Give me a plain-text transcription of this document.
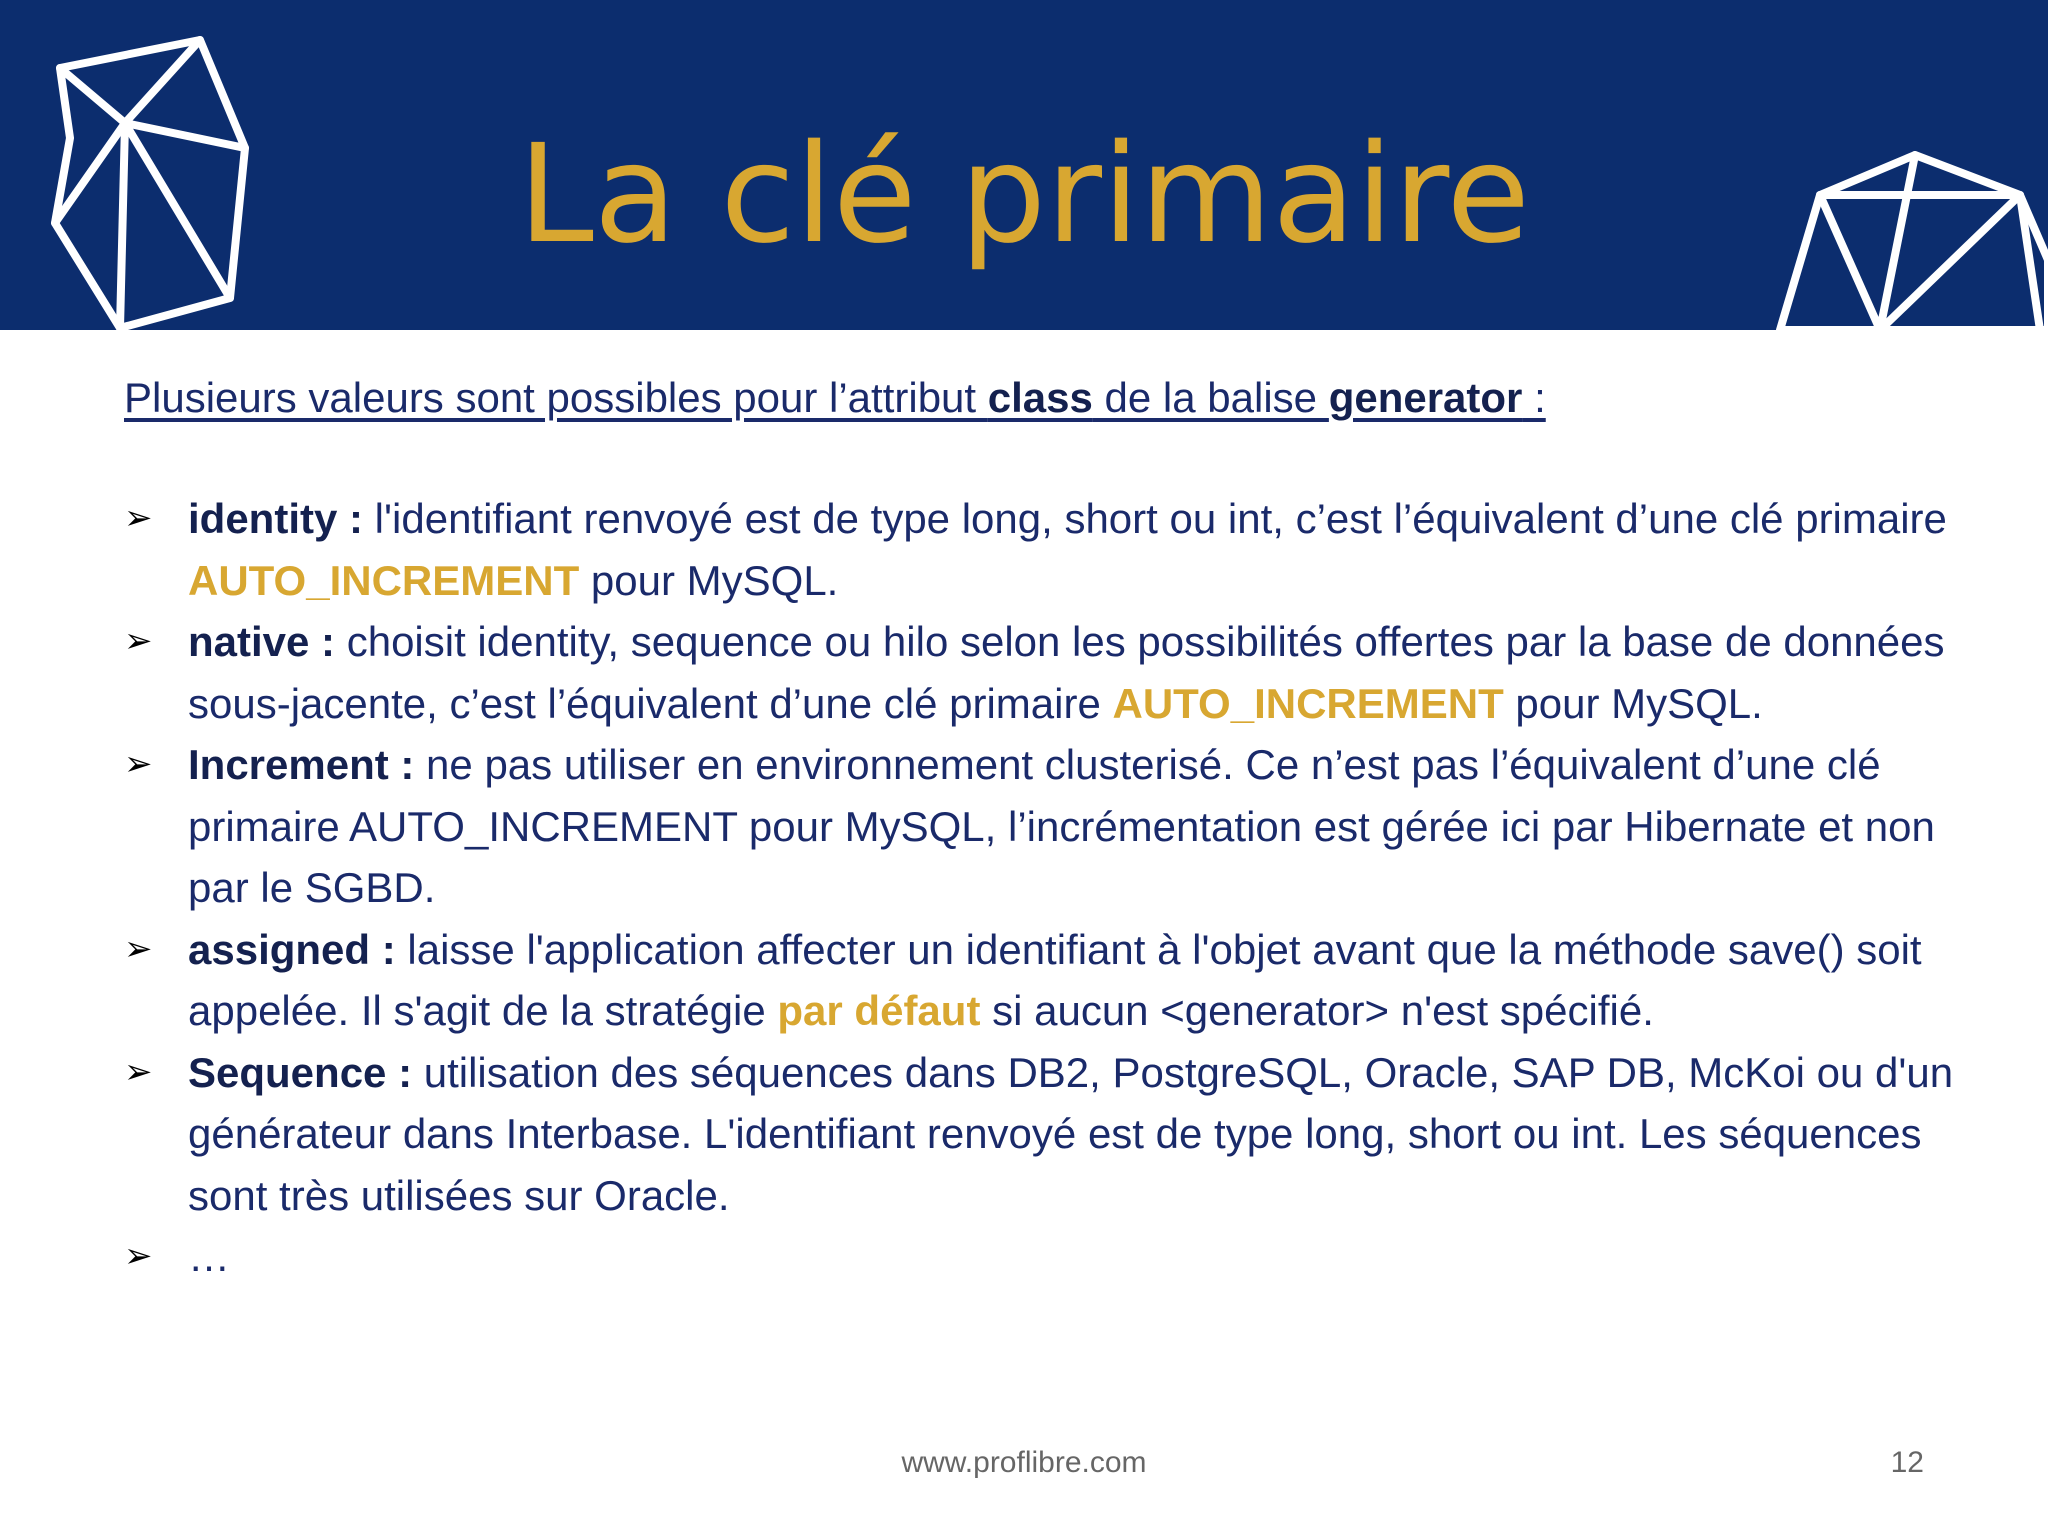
La clé primaire
Plusieurs valeurs sont possibles pour l’attribut class de la balise generator :
➢ identity : l'identifiant renvoyé est de type long, short ou int, c’est l’équivalent d’une clé primaire AUTO_INCREMENT pour MySQL.
➢ native : choisit identity, sequence ou hilo selon les possibilités offertes par la base de données sous-jacente, c’est l’équivalent d’une clé primaire AUTO_INCREMENT pour MySQL.
➢ Increment : ne pas utiliser en environnement clusterisé. Ce n’est pas l’équivalent d’une clé primaire AUTO_INCREMENT pour MySQL, l’incrémentation est gérée ici par Hibernate et non par le SGBD.
➢ assigned : laisse l'application affecter un identifiant à l'objet avant que la méthode save() soit appelée. Il s'agit de la stratégie par défaut si aucun <generator> n'est spécifié.
➢ Sequence : utilisation des séquences dans DB2, PostgreSQL, Oracle, SAP DB, McKoi ou d'un générateur dans Interbase. L'identifiant renvoyé est de type long, short ou int. Les séquences sont très utilisées sur Oracle.
➢ …
www.proflibre.com	12
